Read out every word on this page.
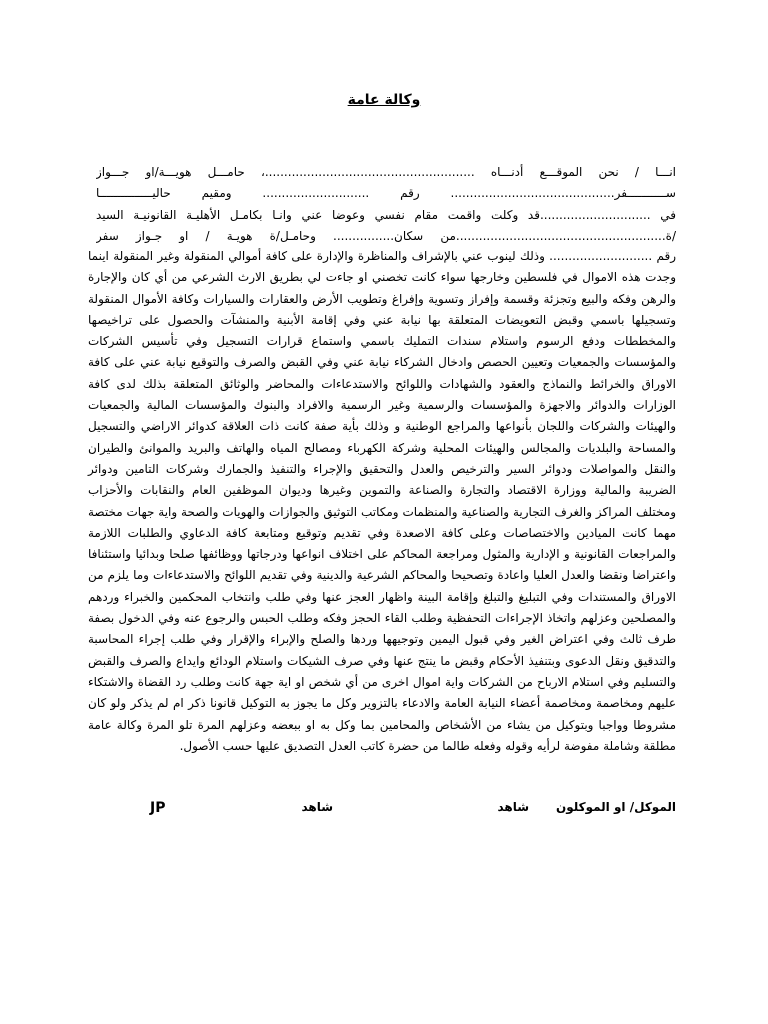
وكالة عامة
انـــا / نحن الموقـــع أدنـــاه .......................................................، حامـــل هويـــة/او جـــواز
ســـــــــــفر........................................... رقم ............................ ومقيم حاليـــــــــــــــا
في .............................قد وكلت واقمت مقام نفسي وعوضا عني وانـا بكامـل الأهليـة القانونيـة السيد
/ة.......................................................من سكان................ وحامـل/ة هويـة / او جـواز سفر
رقم ........................... وذلك لينوب عني بالإشراف والمناظرة والإدارة على كافة أموالي المنقولة وغير المنقولة اينما وجدت هذه الاموال في فلسطين وخارجها سواء كانت تخصني او جاءت لي بطريق الارث الشرعي من أي كان والإجارة والرهن وفكه والبيع وتجزئة وقسمة وإفراز وتسوية وإفراغ وتطويب الأرض والعقارات والسيارات وكافة الأموال المنقولة وتسجيلها باسمي وقبض التعويضات المتعلقة بها نيابة عني وفي إقامة الأبنية والمنشآت والحصول على تراخيصها والمخططات ودفع الرسوم واستلام سندات التمليك باسمي واستماع قرارات التسجيل وفي تأسيس الشركات والمؤسسات والجمعيات وتعيين الحصص وادخال الشركاء نيابة عني وفي القبض والصرف والتوقيع نيابة عني على كافة الاوراق والخرائط والنماذج والعقود والشهادات واللوائح والاستدعاءات والمحاضر والوثائق المتعلقة بذلك لدى كافة الوزارات والدوائر والاجهزة والمؤسسات والرسمية وغير الرسمية والافراد والبنوك والمؤسسات المالية والجمعيات والهيئات والشركات واللجان بأنواعها والمراجع الوطنية و وذلك بأية صفة كانت ذات العلاقة كدوائر الاراضي والتسجيل والمساحة والبلديات والمجالس والهيئات المحلية وشركة الكهرباء ومصالح المياه والهاتف والبريد والموانئ والطيران والنقل والمواصلات ودوائر السير والترخيص والعدل والتحقيق والإجراء والتنفيذ والجمارك وشركات التامين ودوائر الضريبة والمالية ووزارة الاقتصاد والتجارة والصناعة والتموين وغيرها وديوان الموظفين العام والنقابات والأحزاب ومختلف المراكز والغرف التجارية والصناعية والمنظمات ومكاتب التوثيق والجوازات والهويات والصحة واية جهات مختصة مهما كانت الميادين والاختصاصات وعلى كافة الاصعدة وفي تقديم وتوقيع ومتابعة كافة الدعاوي والطلبات اللازمة والمراجعات القانونية و الإدارية والمثول ومراجعة المحاكم على اختلاف انواعها ودرجاتها ووظائفها صلحا وبدائيا واستئنافا واعتراضا ونقضا والعدل العليا واعادة وتصحيحا والمحاكم الشرعية والدينية وفي تقديم اللوائح والاستدعاءات وما يلزم من الاوراق والمستندات وفي التبليغ والتبلغ وإقامة البينة واظهار العجز عنها وفي طلب وانتخاب المحكمين والخبراء وردهم والمصلحين وعزلهم واتخاذ الإجراءات التحفظية وطلب القاء الحجز وفكه وطلب الحبس والرجوع عنه وفي الدخول بصفة طرف ثالث وفي اعتراض الغير وفي قبول اليمين وتوجيهها وردها والصلح والإبراء والإقرار وفي طلب إجراء المحاسبة والتدقيق ونقل الدعوى وبتنفيذ الأحكام وقبض ما ينتج عنها وفي صرف الشيكات واستلام الودائع وايداع والصرف والقبض والتسليم وفي استلام الارباح من الشركات واية اموال اخرى من أي شخص او اية جهة كانت وطلب رد القضاة والاشتكاء عليهم ومخاصمة ومخاصمة أعضاء النيابة العامة والادعاء بالتزوير وكل ما يجوز به التوكيل قانونا ذكر ام لم يذكر ولو كان مشروطا وواجبا وبتوكيل من يشاء من الأشخاص والمحامين بما وكل به او ببعضه وعزلهم المرة تلو المرة وكالة عامة مطلقة وشاملة مفوضة لرأيه وقوله وفعله طالما من حضرة كاتب العدل التصديق عليها حسب الأصول.
الموكل/ او الموكلون
شاهد
شاهد
JP
